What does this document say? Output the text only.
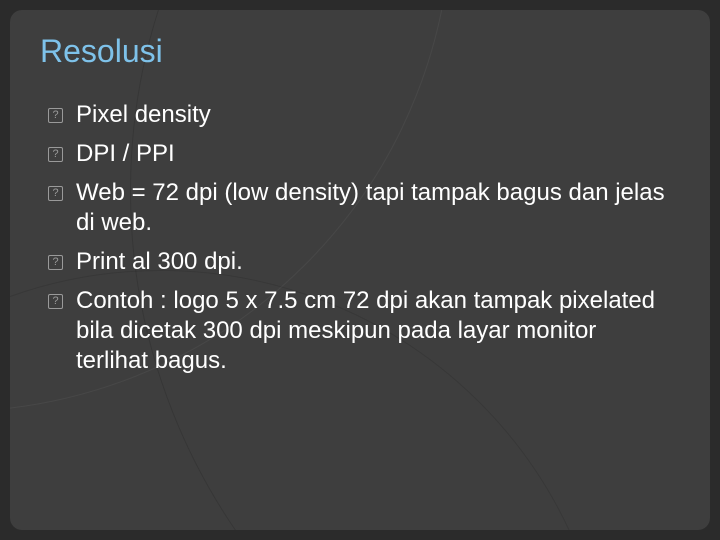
Resolusi
? Pixel density
? DPI / PPI
? Web = 72 dpi (low density) tapi tampak bagus dan jelas di web.
? Print al 300 dpi.
? Contoh : logo 5 x 7.5 cm 72 dpi akan tampak pixelated bila dicetak 300 dpi meskipun pada layar monitor terlihat bagus.
